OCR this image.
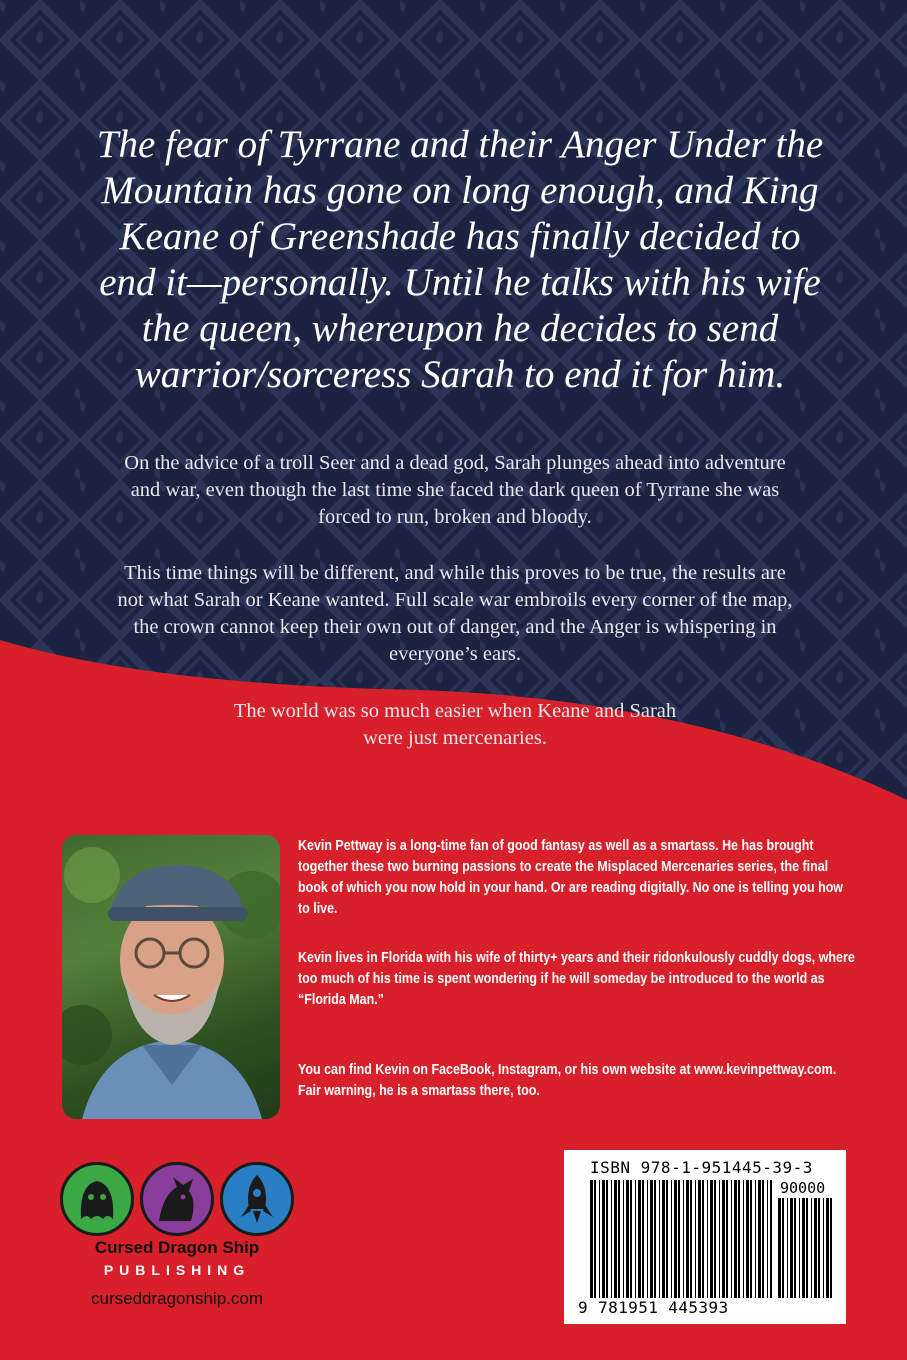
The fear of Tyrrane and their Anger Under the Mountain has gone on long enough, and King Keane of Greenshade has finally decided to end it—personally. Until he talks with his wife the queen, whereupon he decides to send warrior/sorceress Sarah to end it for him.

On the advice of a troll Seer and a dead god, Sarah plunges ahead into adventure and war, even though the last time she faced the dark queen of Tyrrane she was forced to run, broken and bloody.

This time things will be different, and while this proves to be true, the results are not what Sarah or Keane wanted. Full scale war embroils every corner of the map, the crown cannot keep their own out of danger, and the Anger is whispering in everyone’s ears.

The world was so much easier when Keane and Sarah were just mercenaries.

Kevin Pettway is a long-time fan of good fantasy as well as a smartass. He has brought together these two burning passions to create the Misplaced Mercenaries series, the final book of which you now hold in your hand. Or are reading digitally. No one is telling you how to live.

Kevin lives in Florida with his wife of thirty+ years and their ridonkulously cuddly dogs, where too much of his time is spent wondering if he will someday be introduced to the world as “Florida Man.”

You can find Kevin on FaceBook, Instagram, or his own website at www.kevinpettway.com. Fair warning, he is a smartass there, too.

Cursed Dragon Ship

PUBLISHING

curseddragonship.com

ISBN 978-1-951445-39-3

90000

9 781951 445393
